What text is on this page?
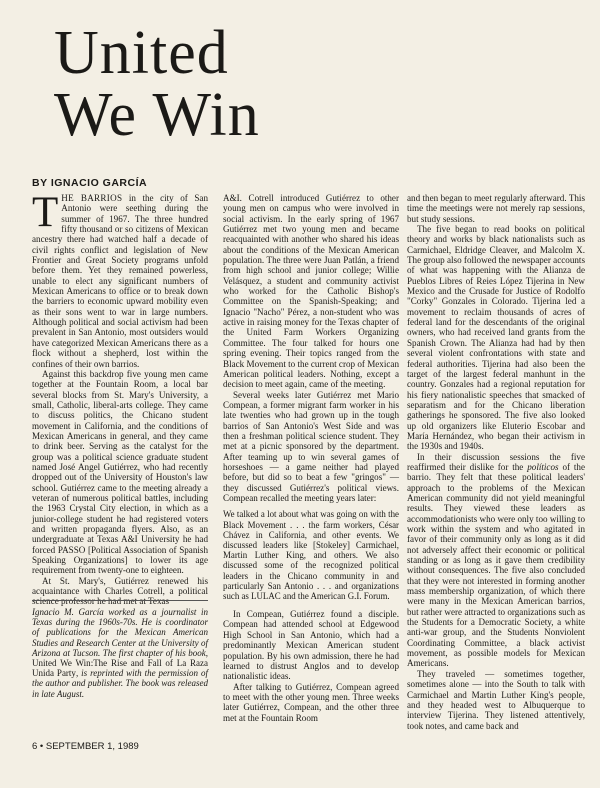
United
We Win
BY IGNACIO GARCÍA

THE BARRIOS in the city of San Antonio were seething during the summer of 1967. The three hundred fifty thousand or so citizens of Mexican ancestry there had watched half a decade of civil rights conflict and legislation of New Frontier and Great Society programs unfold before them. Yet they remained powerless, unable to elect any significant numbers of Mexican Americans to office or to break down the barriers to economic upward mobility even as their sons went to war in large numbers. Although political and social activism had been prevalent in San Antonio, most outsiders would have categorized Mexican Americans there as a flock without a shepherd, lost within the confines of their own barrios.

Against this backdrop five young men came together at the Fountain Room, a local bar several blocks from St. Mary's University, a small, Catholic, liberal-arts college. They came to discuss politics, the Chicano student movement in California, and the conditions of Mexican Americans in general, and they came to drink beer. Serving as the catalyst for the group was a political science graduate student named José Angel Gutiérrez, who had recently dropped out of the University of Houston's law school. Gutiérrez came to the meeting already a veteran of numerous political battles, including the 1963 Crystal City election, in which as a junior-college student he had registered voters and written propaganda flyers. Also, as an undergraduate at Texas A&I University he had forced PASSO [Political Association of Spanish Speaking Organizations] to lower its age requirement from twenty-one to eighteen.

At St. Mary's, Gutiérrez renewed his acquaintance with Charles Cotrell, a political science professor he had met at Texas

Ignacio M. García worked as a journalist in Texas during the 1960s-70s. He is coordinator of publications for the Mexican American Studies and Research Center at the University of Arizona at Tucson. The first chapter of his book, United We Win:The Rise and Fall of La Raza Unida Party, is reprinted with the permission of the author and publisher. The book was released in late August.

A&I. Cotrell introduced Gutiérrez to other young men on campus who were involved in social activism. In the early spring of 1967 Gutiérrez met two young men and became reacquainted with another who shared his ideas about the conditions of the Mexican American population. The three were Juan Patlán, a friend from high school and junior college; Willie Velásquez, a student and community activist who worked for the Catholic Bishop's Committee on the Spanish-Speaking; and Ignacio "Nacho" Pérez, a non-student who was active in raising money for the Texas chapter of the United Farm Workers Organizing Committee. The four talked for hours one spring evening. Their topics ranged from the Black Movement to the current crop of Mexican American political leaders. Nothing, except a decision to meet again, came of the meeting.

Several weeks later Gutiérrez met Mario Compean, a former migrant farm worker in his late twenties who had grown up in the tough barrios of San Antonio's West Side and was then a freshman political science student. They met at a picnic sponsored by the department. After teaming up to win several games of horseshoes — a game neither had played before, but did so to beat a few "gringos" — they discussed Gutiérrez's political views. Compean recalled the meeting years later:

We talked a lot about what was going on with the Black Movement . . . the farm workers, César Chávez in California, and other events. We discussed leaders like [Stokeley] Carmichael, Martin Luther King, and others. We also discussed some of the recognized political leaders in the Chicano community in and particularly San Antonio . . . and organizations such as LULAC and the American G.I. Forum.

In Compean, Gutiérrez found a disciple. Compean had attended school at Edgewood High School in San Antonio, which had a predominantly Mexican American student population. By his own admission, there he had learned to distrust Anglos and to develop nationalistic ideas.

After talking to Gutiérrez, Compean agreed to meet with the other young men. Three weeks later Gutiérrez, Compean, and the other three met at the Fountain Room

and then began to meet regularly afterward. This time the meetings were not merely rap sessions, but study sessions.

The five began to read books on political theory and works by black nationalists such as Carmichael, Eldridge Cleaver, and Malcolm X. The group also followed the newspaper accounts of what was happening with the Alianza de Pueblos Libres of Reies López Tijerina in New Mexico and the Crusade for Justice of Rodolfo "Corky" Gonzales in Colorado. Tijerina led a movement to reclaim thousands of acres of federal land for the descendants of the original owners, who had received land grants from the Spanish Crown. The Alianza had had by then several violent confrontations with state and federal authorities. Tijerina had also been the target of the largest federal manhunt in the country. Gonzales had a regional reputation for his fiery nationalistic speeches that smacked of separatism and for the Chicano liberation gatherings he sponsored. The five also looked up old organizers like Eluterio Escobar and María Hernández, who began their activism in the 1930s and 1940s.

In their discussion sessions the five reaffirmed their dislike for the políticos of the barrio. They felt that these political leaders' approach to the problems of the Mexican American community did not yield meaningful results. They viewed these leaders as accommodationists who were only too willing to work within the system and who agitated in favor of their community only as long as it did not adversely affect their economic or political standing or as long as it gave them credibility without consequences. The five also concluded that they were not interested in forming another mass membership organization, of which there were many in the Mexican American barrios, but rather were attracted to organizations such as the Students for a Democratic Society, a white anti-war group, and the Students Nonviolent Coordinating Committee, a black activist movement, as possible models for Mexican Americans.

They traveled — sometimes together, sometimes alone — into the South to talk with Carmichael and Martin Luther King's people, and they headed west to Albuquerque to interview Tijerina. They listened attentively, took notes, and came back and

6 • SEPTEMBER 1, 1989
